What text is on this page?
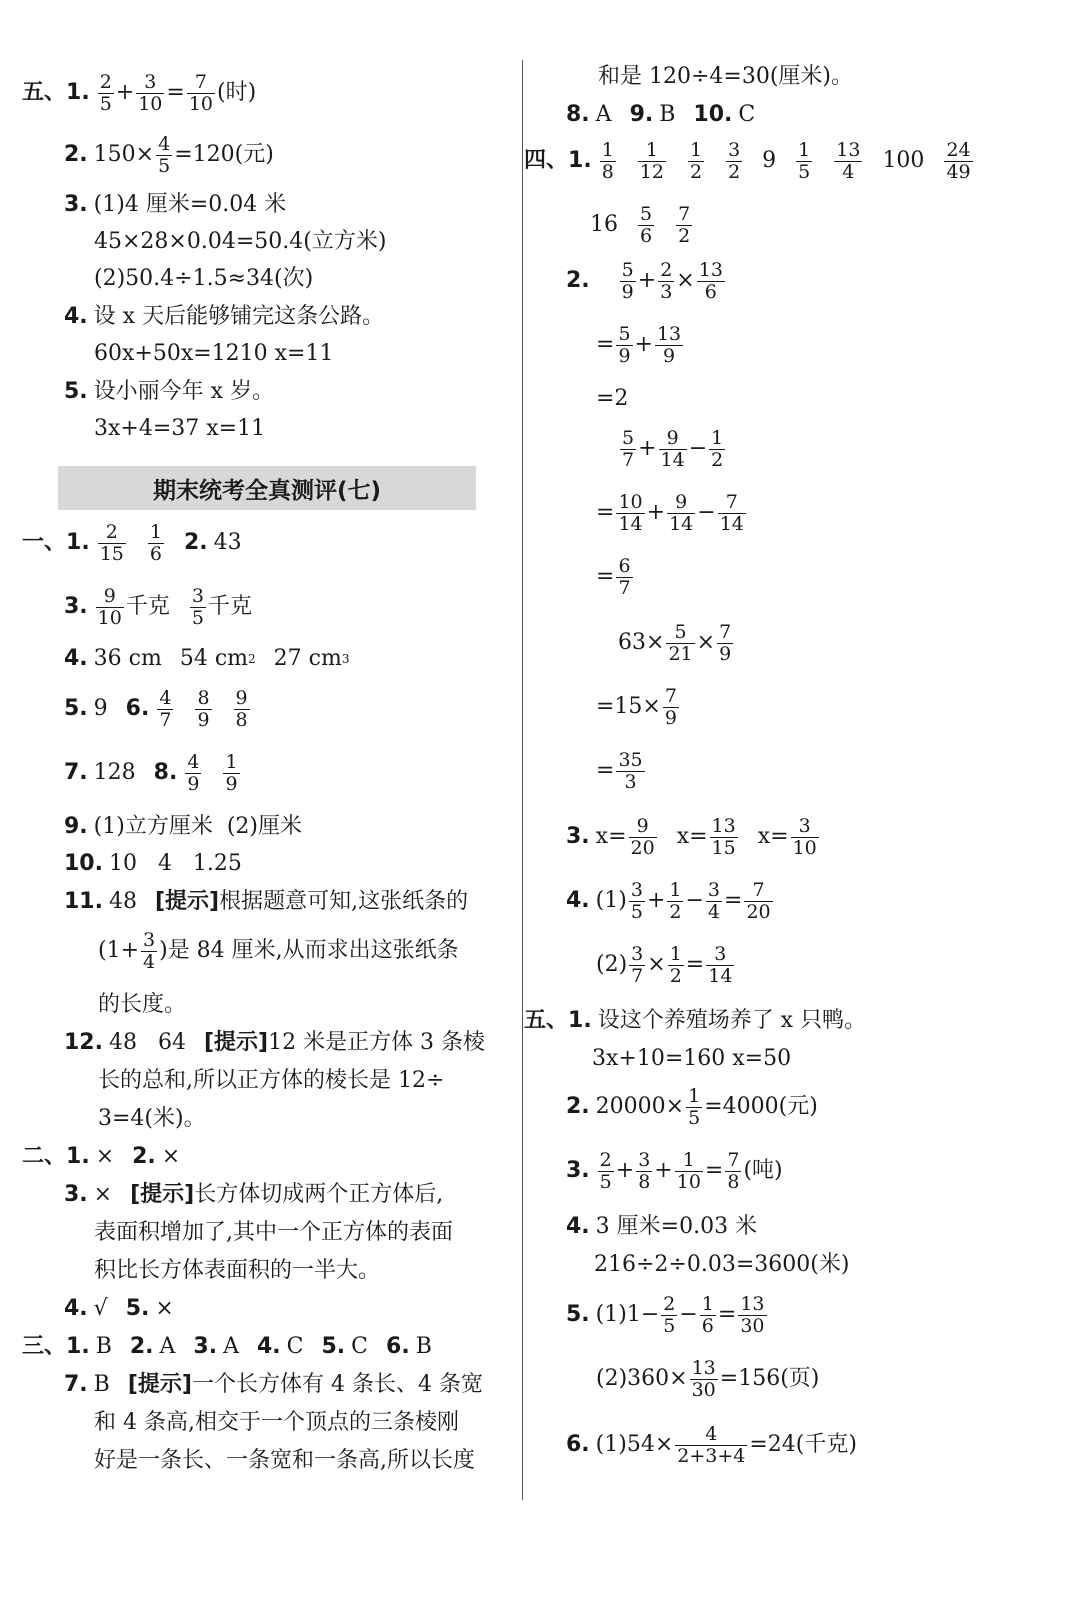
五、 1. 2
5 + 3
10 = 7
10 (时)
2. 150× 4
5 =120(元)
3. (1)4 厘米=0.04 米
45×28×0.04=50.4(立方米)
(2)50.4÷1.5≈34(次)
4. 设 x 天后能够铺完这条公路。
60x+50x=1210 x=11
5. 设小丽今年 x 岁。
3x+4=37 x=11
期末统考全真测评(七)
一、 1. 2
15
1
6 2. 43
3. 9
10 千克 3
5 千克
4. 36 cm 54 cm 2 27 cm 3
5. 9 6. 4
7
8
9
9
8
7. 128 8. 4
9
1
9
9. (1)立方厘米  (2)厘米
10. 10   4   1.25
11. 48 [提示] 根据题意可知,这张纸条的
(1+ 3
4 )是 84 厘米,从而求出这张纸条
的长度。
12. 48   64 [提示] 12 米是正方体 3 条棱
长的总和,所以正方体的棱长是 12÷
3=4(米)。
二、 1. × 2. ×
3. × [提示] 长方体切成两个正方体后,
表面积增加了,其中一个正方体的表面
积比长方体表面积的一半大。
4. √ 5. ×
三、 1. B 2. A 3. A 4. C 5. C 6. B
7. B [提示] 一个长方体有 4 条长、4 条宽
和 4 条高,相交于一个顶点的三条棱刚
好是一条长、一条宽和一条高,所以长度
和是 120÷4=30(厘米)。
8. A 9. B 10. C
四、 1. 1
8
1
12
1
2
3
2 9 1
5
13
4 100 24
49
16 5
6
7
2
2. 5
9 + 2
3 × 13
6
= 5
9 + 13
9
=2
5
7 + 9
14 − 1
2
= 10
14 + 9
14 − 7
14
= 6
7
63× 5
21 × 7
9
=15× 7
9
= 35
3
3. x= 9
20 x= 13
15 x= 3
10
4. (1) 3
5 + 1
2 − 3
4 = 7
20
(2) 3
7 × 1
2 = 3
14
五、 1. 设这个养殖场养了 x 只鸭。
3x+10=160 x=50
2. 20000× 1
5 =4000(元)
3. 2
5 + 3
8 + 1
10 = 7
8 (吨)
4. 3 厘米=0.03 米
216÷2÷0.03=3600(米)
5. (1)1− 2
5 − 1
6 = 13
30
(2)360× 13
30 =156(页)
6. (1)54× 4
2+3+4 =24(千克)
